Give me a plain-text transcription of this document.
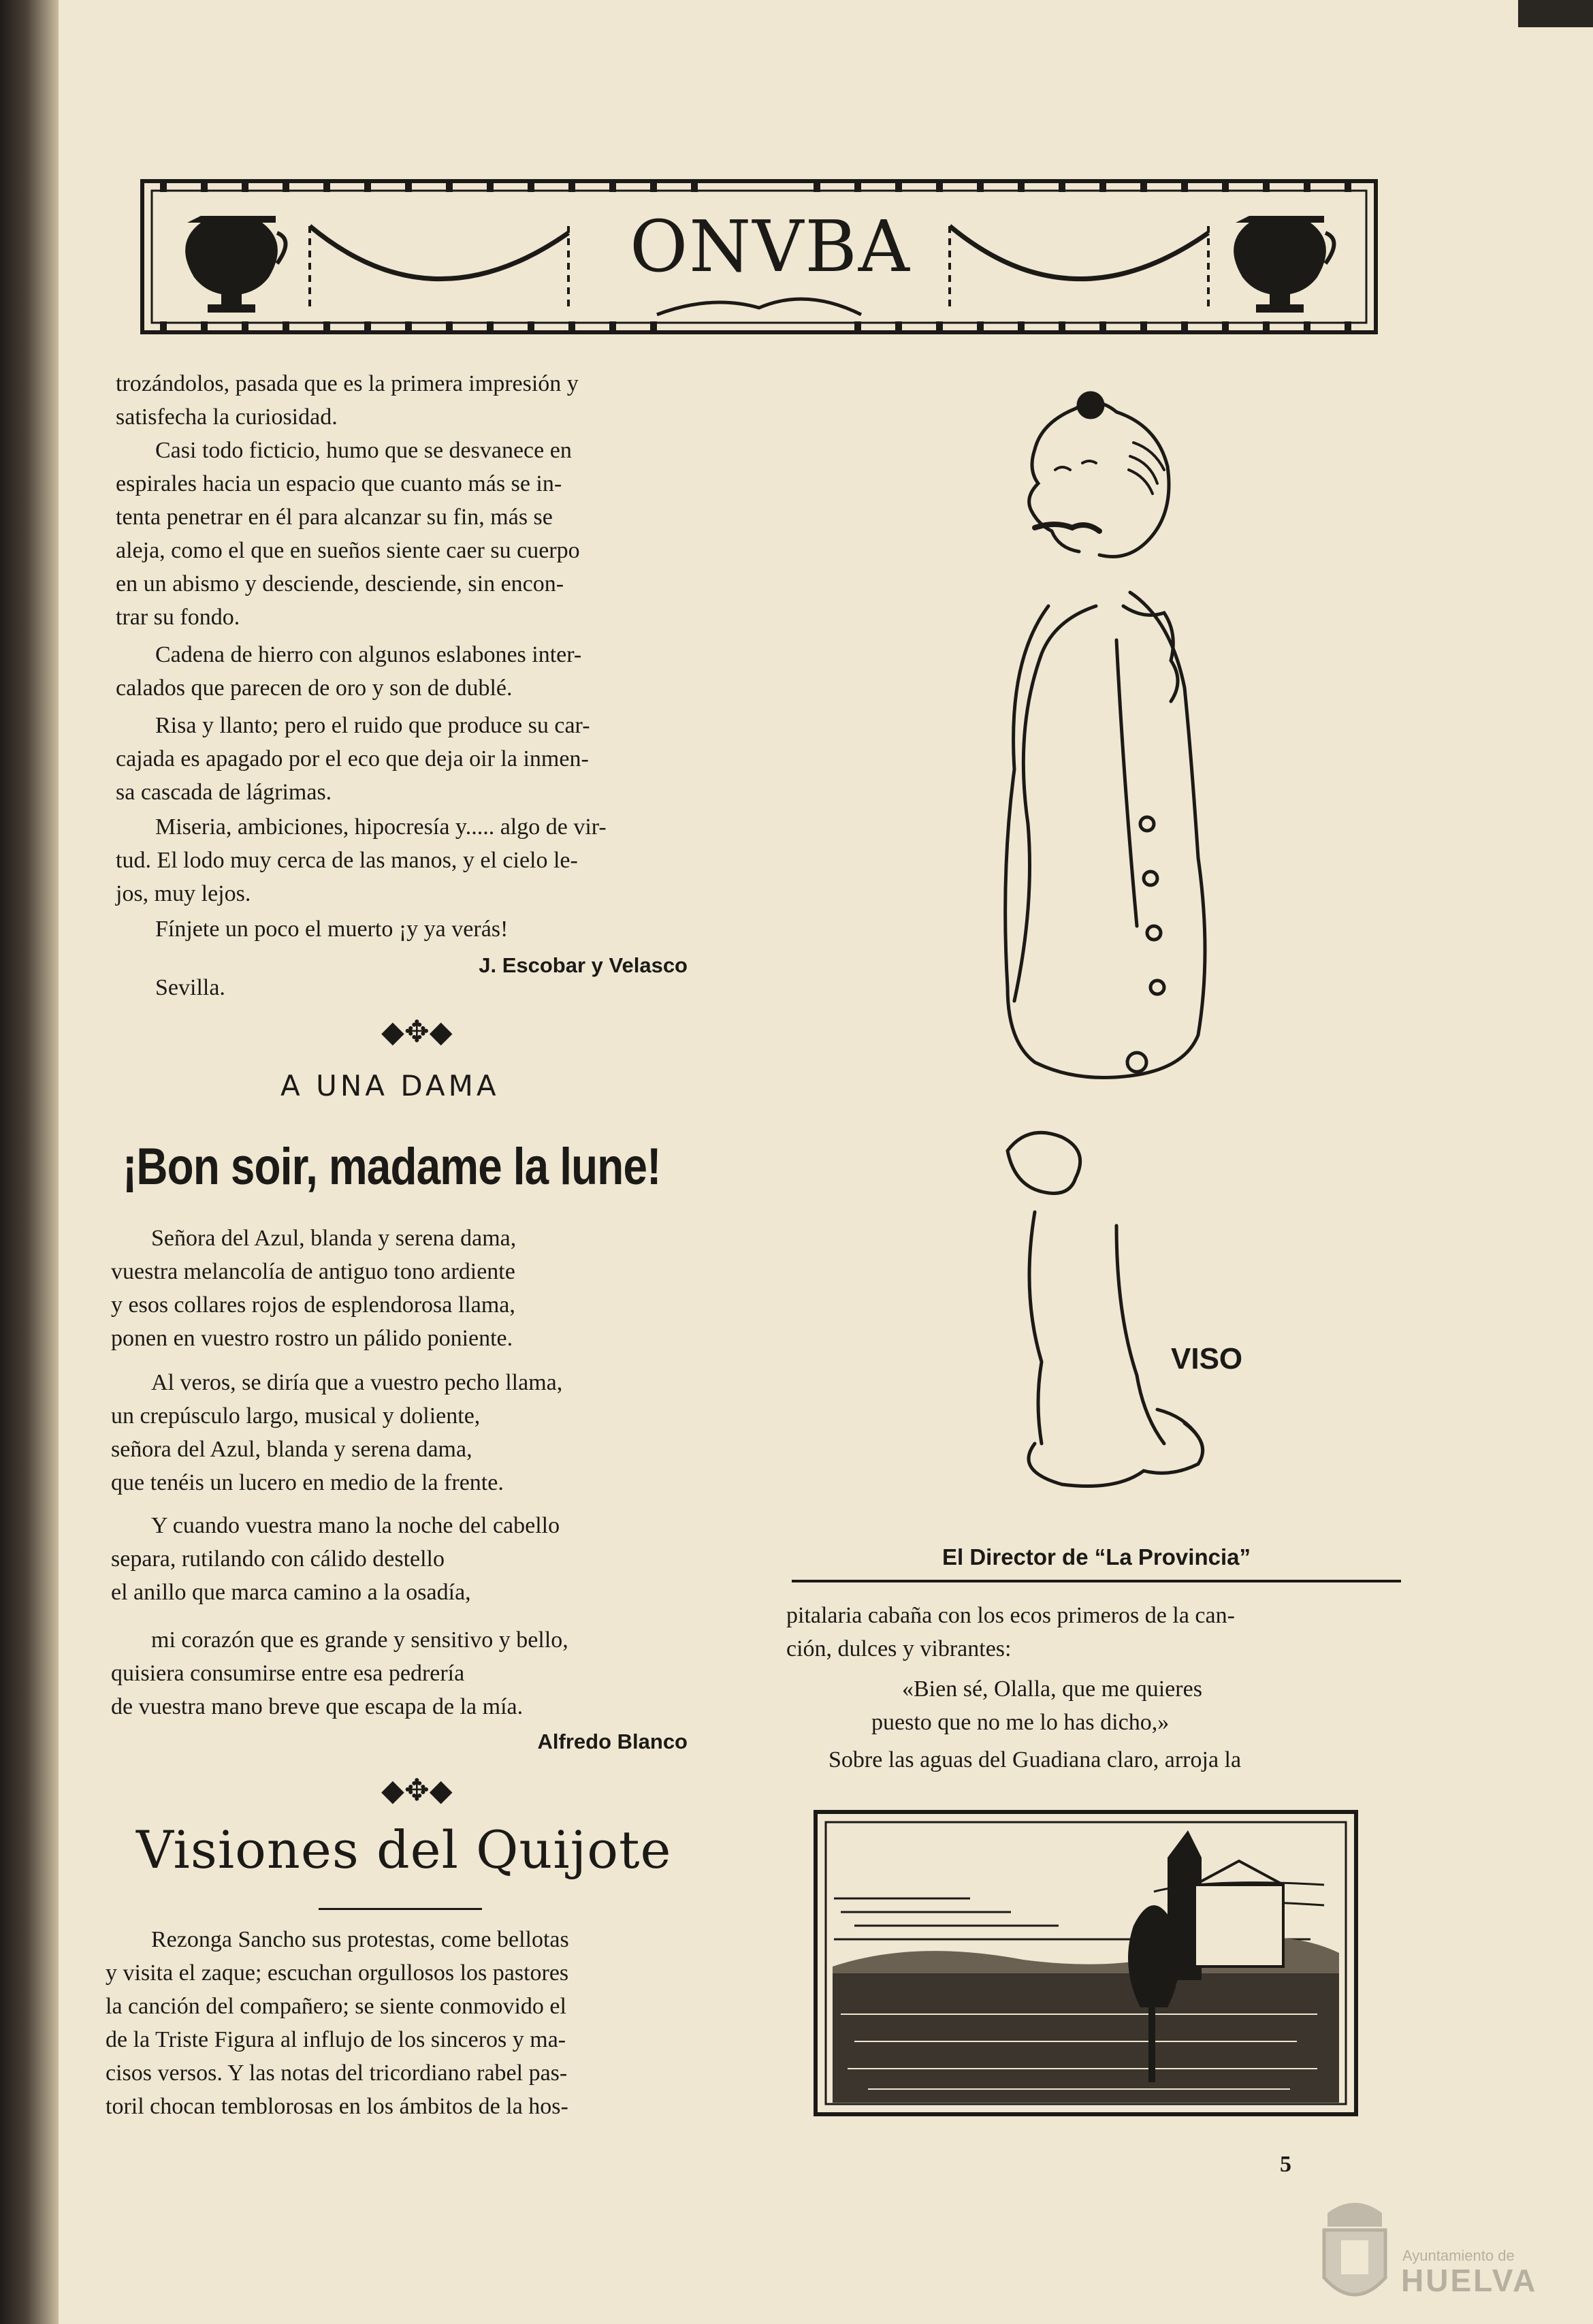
ONVBA
trozándolos, pasada que es la primera impresión y
satisfecha la curiosidad.
Casi todo ficticio, humo que se desvanece en
espirales hacia un espacio que cuanto más se in-
tenta penetrar en él para alcanzar su fin, más se
aleja, como el que en sueños siente caer su cuerpo
en un abismo y desciende, desciende, sin encon-
trar su fondo.
Cadena de hierro con algunos eslabones inter-
calados que parecen de oro y son de dublé.
Risa y llanto; pero el ruido que produce su car-
cajada es apagado por el eco que deja oir la inmen-
sa cascada de lágrimas.
Miseria, ambiciones, hipocresía y..... algo de vir-
tud. El lodo muy cerca de las manos, y el cielo le-
jos, muy lejos.
Fínjete un poco el muerto ¡y ya verás!
J. Escobar y Velasco
Sevilla.
◆✥◆
A UNA DAMA
¡Bon soir, madame la lune!
Señora del Azul, blanda y serena dama,
vuestra melancolía de antiguo tono ardiente
y esos collares rojos de esplendorosa llama,
ponen en vuestro rostro un pálido poniente.
Al veros, se diría que a vuestro pecho llama,
un crepúsculo largo, musical y doliente,
señora del Azul, blanda y serena dama,
que tenéis un lucero en medio de la frente.
Y cuando vuestra mano la noche del cabello
separa, rutilando con cálido destello
el anillo que marca camino a la osadía,
mi corazón que es grande y sensitivo y bello,
quisiera consumirse entre esa pedrería
de vuestra mano breve que escapa de la mía.
Alfredo Blanco
◆✥◆
Visiones del Quijote
Rezonga Sancho sus protestas, come bellotas
y visita el zaque; escuchan orgullosos los pastores
la canción del compañero; se siente conmovido el
de la Triste Figura al influjo de los sinceros y ma-
cisos versos. Y las notas del tricordiano rabel pas-
toril chocan temblorosas en los ámbitos de la hos-
VISO
El Director de “La Provincia”
pitalaria cabaña con los ecos primeros de la can-
ción, dulces y vibrantes:
«Bien sé, Olalla, que me quieres
puesto que no me lo has dicho,»
Sobre las aguas del Guadiana claro, arroja la
5
Ayuntamiento de
HUELVA
